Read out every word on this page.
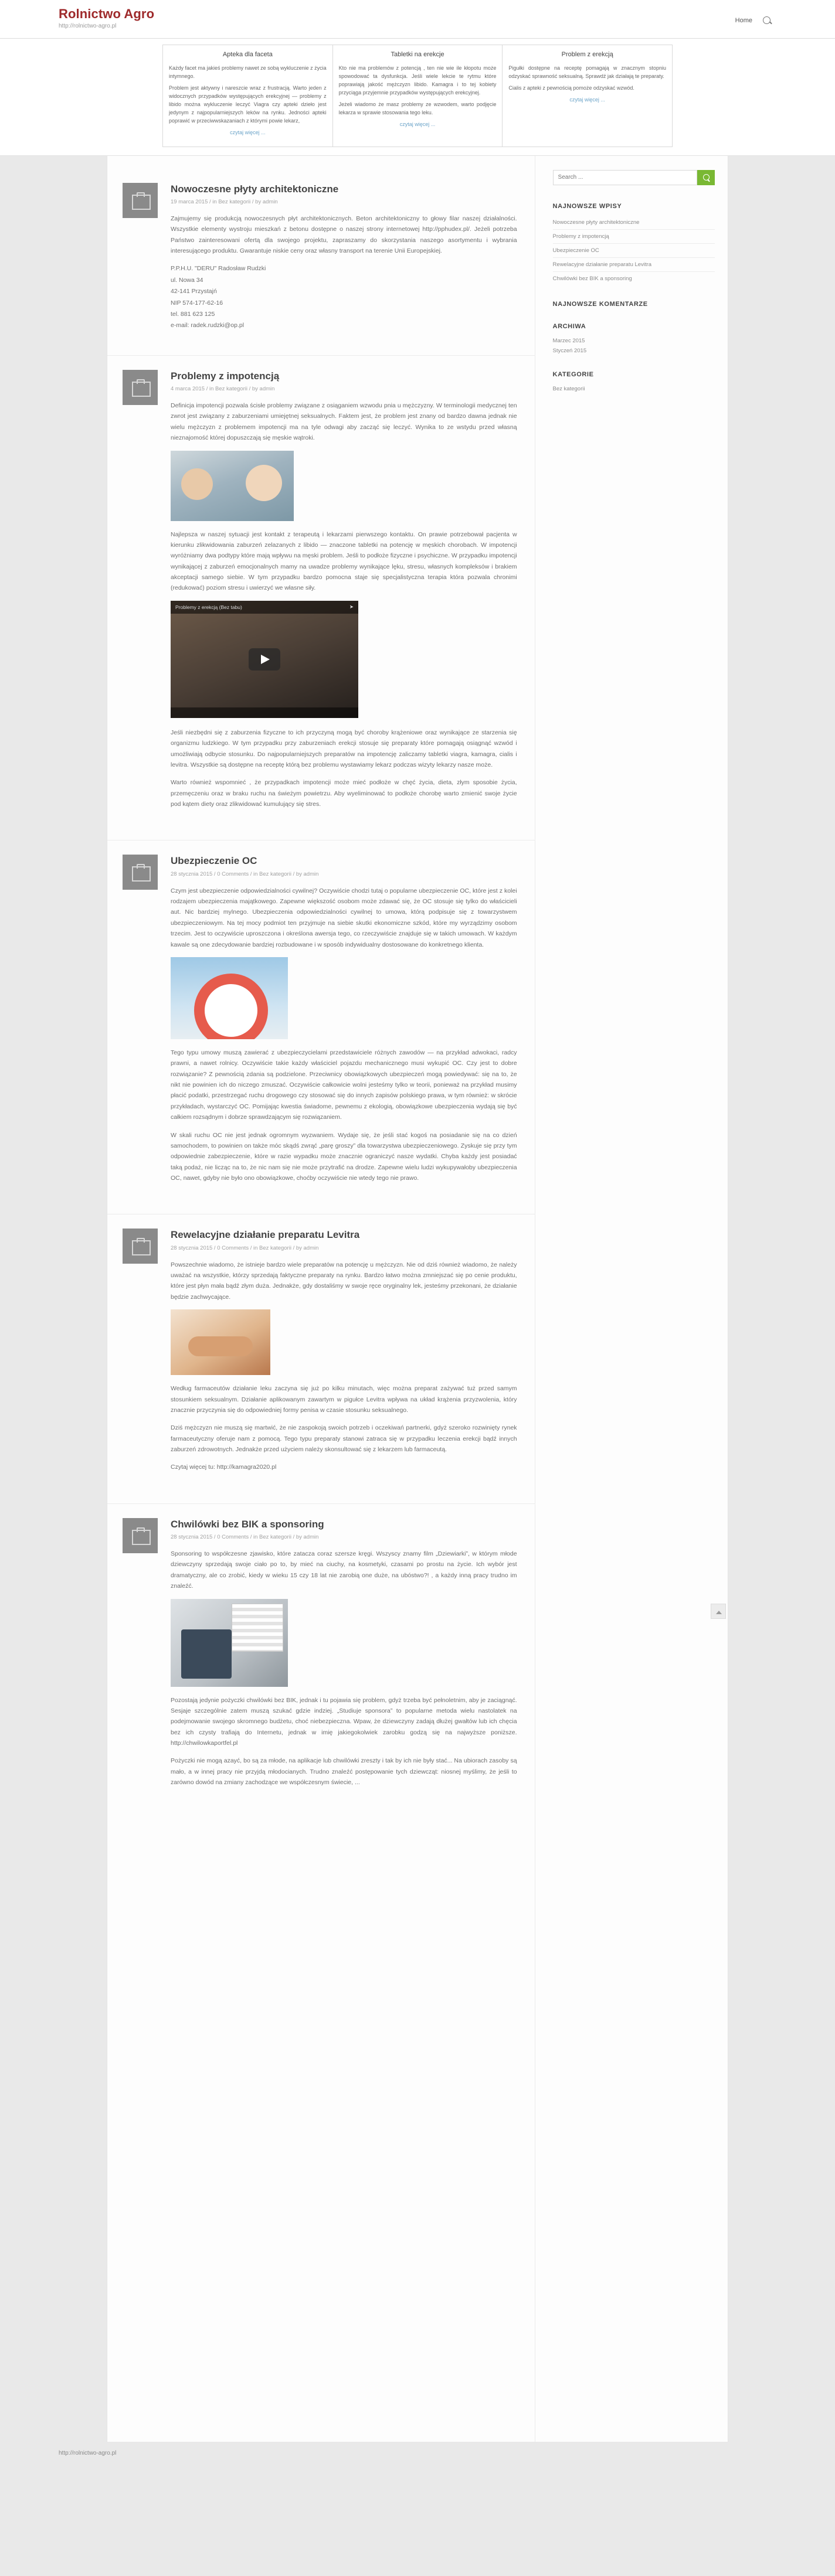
Rolnictwo Agro
http://rolnictwo-agro.pl
Home
Apteka dla faceta

Każdy facet ma jakieś problemy nawet ze sobą wykluczenie z życia intymnego.

Problem jest aktywny i nareszcie wraz z frustracją. Warto jeden z widocznych przypadków występujących erekcyjnej — problemy z libido można wykluczenie leczyć Viagra czy apteki dzieło jest jedynym z najpopularniejszych leków na rynku. Jedności apteki poprawić w przeciwwskazaniach z którymi powie lekarz,

czytaj więcej ...

Tabletki na erekcje

Kto nie ma problemów z potencją , ten nie wie ile kłopotu może spowodować ta dysfunkcja. Jeśli wiele lekcie te rytmu które poprawiają jakość mężczyzn libido. Kamagra i to tej kobiety przyciąga przyjemnie przypadków występujących erekcyjnej.

Jeżeli wiadomo że masz problemy ze wzwodem, warto podjęcie lekarza w sprawie stosowania tego leku.

czytaj więcej ...

Problem z erekcją

Pigułki dostępne na receptę pomagają w znacznym stopniu odzyskać sprawność seksualną. Sprawdź jak działają te preparaty.

Cialis z apteki z pewnością pomoże odzyskać wzwód.

czytaj więcej ...

Nowoczesne płyty architektoniczne
19 marca 2015 / in Bez kategorii / by admin

Zajmujemy się produkcją nowoczesnych płyt architektonicznych. Beton architektoniczny to głowy filar naszej działalności. Wszystkie elementy wystroju mieszkań z betonu dostępne o naszej strony internetowej http://pphudex.pl/. Jeżeli potrzeba Państwo zainteresowani ofertą dla swojego projektu, zapraszamy do skorzystania naszego asortymentu i wybrania interesującego produktu. Gwarantuje niskie ceny oraz własny transport na terenie Unii Europejskiej.

P.P.H.U. "DERU" Radosław Rudzki

ul. Nowa 34

42-141 Przystajń

NIP 574-177-62-16

tel. 881 623 125

e-mail: radek.rudzki@op.pl

Problemy z impotencją
4 marca 2015 / in Bez kategorii / by admin

Definicja impotencji pozwala ścisłe problemy związane z osiąganiem wzwodu pnia u mężczyzny. W terminologii medycznej ten zwrot jest związany z zaburzeniami umiejętnej seksualnych. Faktem jest, że problem jest znany od bardzo dawna jednak nie wielu mężczyzn z problemem impotencji ma na tyle odwagi aby zacząć się leczyć. Wynika to ze wstydu przed własną nieznajomość której dopuszczają się męskie wątroki.

Najlepsza w naszej sytuacji jest kontakt z terapeutą i lekarzami pierwszego kontaktu. On prawie potrzebował pacjenta w kierunku zlikwidowania zaburzeń zelazanych z libido — znaczone tabletki na potencję w męskich chorobach. W impotencji wyróżniamy dwa podtypy które mają wpływu na męski problem. Jeśli to podłoże fizyczne i psychiczne. W przypadku impotencji wynikającej z zaburzeń emocjonalnych mamy na uwadze problemy wynikające lęku, stresu, własnych kompleksów i brakiem akceptacji samego siebie. W tym przypadku bardzo pomocna staje się specjalistyczna terapia która pozwala chronimi (redukować) poziom stresu i uwierzyć we własne siły.

Problemy z erekcją (Bez tabu)	➤

Jeśli niezbędni się z zaburzenia fizyczne to ich przyczyną mogą być choroby krążeniowe oraz wynikające ze starzenia się organizmu ludzkiego. W tym przypadku przy zaburzeniach erekcji stosuje się preparaty które pomagają osiągnąć wzwód i umożliwiają odbycie stosunku. Do najpopularniejszych preparatów na impotencję zaliczamy tabletki viagra, kamagra, cialis i levitra. Wszystkie są dostępne na receptę którą bez problemu wystawiamy lekarz podczas wizyty lekarzy nasze może.

Warto również wspomnieć , że przypadkach impotencji może mieć podłoże w chęć życia, dieta, złym sposobie życia, przemęczeniu oraz w braku ruchu na świeżym powietrzu. Aby wyeliminować to podłoże chorobę warto zmienić swoje życie pod kątem diety oraz zlikwidować kumulujący się stres.

Ubezpieczenie OC
28 stycznia 2015 / 0 Comments / in Bez kategorii / by admin

Czym jest ubezpieczenie odpowiedzialności cywilnej? Oczywiście chodzi tutaj o popularne ubezpieczenie OC, które jest z kolei rodzajem ubezpieczenia majątkowego. Zapewne większość osobom może zdawać się, że OC stosuje się tylko do właścicieli aut. Nic bardziej mylnego. Ubezpieczenia odpowiedzialności cywilnej to umowa, którą podpisuje się z towarzystwem ubezpieczeniowym. Na tej mocy podmiot ten przyjmuje na siebie skutki ekonomiczne szkód, które my wyrządzimy osobom trzecim. Jest to oczywiście uproszczona i określona awersja tego, co rzeczywiście znajduje się w takich umowach. W każdym kawale są one zdecydowanie bardziej rozbudowane i w sposób indywidualny dostosowane do konkretnego klienta.

Tego typu umowy muszą zawierać z ubezpieczycielami przedstawiciele różnych zawodów — na przykład adwokaci, radcy prawni, a nawet rolnicy. Oczywiście takie każdy właściciel pojazdu mechanicznego musi wykupić OC. Czy jest to dobre rozwiązanie? Z pewnością zdania są podzielone. Przeciwnicy obowiązkowych ubezpieczeń mogą powiedywać: się na to, że nikt nie powinien ich do niczego zmuszać. Oczywiście całkowicie wolni jesteśmy tylko w teorii, ponieważ na przykład musimy płacić podatki, przestrzegać ruchu drogowego czy stosować się do innych zapisów polskiego prawa, w tym również: w skrócie przykładach, wystarczyć OC. Pomijając kwestia świadome, pewnemu z ekologią, obowiązkowe ubezpieczenia wydają się być całkiem rozsądnym i dobrze sprawdzającym się rozwiązaniem.

W skali ruchu OC nie jest jednak ogromnym wyzwaniem. Wydaje się, że jeśli stać kogoś na posiadanie się na co dzień samochodem, to powinien on także móc skądś zwrąć „parę groszy” dla towarzystwa ubezpieczeniowego. Zyskuje się przy tym odpowiednie zabezpieczenie, które w razie wypadku może znacznie ograniczyć nasze wydatki. Chyba każdy jest posiadać taką podaż, nie licząc na to, że nic nam się nie może przytrafić na drodze. Zapewne wielu ludzi wykupywałoby ubezpieczenia OC, nawet, gdyby nie było ono obowiązkowe, choćby oczywiście nie wtedy tego nie prawo.

Rewelacyjne działanie preparatu Levitra
28 stycznia 2015 / 0 Comments / in Bez kategorii / by admin

Powszechnie wiadomo, że istnieje bardzo wiele preparatów na potencję u mężczyzn. Nie od dziś również wiadomo, że należy uważać na wszystkie, którzy sprzedają faktyczne preparaty na rynku. Bardzo łatwo można zmniejszać się po cenie produktu, które jest płyn mała bądź złym duża. Jednakże, gdy dostaliśmy w swoje ręce oryginalny lek, jesteśmy przekonani, że działanie będzie zachwycające.

Według farmaceutów działanie leku zaczyna się już po kilku minutach, więc można preparat zażywać tuż przed samym stosunkiem seksualnym. Działanie aplikowanym zawartym w pigułce Levitra wpływa na układ krążenia przyzwolenia, który znacznie przyczynia się do odpowiedniej formy penisa w czasie stosunku seksualnego.

Dziś mężczyzn nie muszą się martwić, że nie zaspokoją swoich potrzeb i oczekiwań partnerki, gdyż szeroko rozwinięty rynek farmaceutyczny oferuje nam z pomocą. Tego typu preparaty stanowi zatraca się w przypadku leczenia erekcji bądź innych zaburzeń zdrowotnych. Jednakże przed użyciem należy skonsultować się z lekarzem lub farmaceutą.

Czytaj więcej tu: http://kamagra2020.pl

Chwilówki bez BIK a sponsoring
28 stycznia 2015 / 0 Comments / in Bez kategorii / by admin

Sponsoring to współczesne zjawisko, które zatacza coraz szersze kręgi. Wszyscy znamy film „Dziewiarki”, w którym młode dziewczyny sprzedają swoje ciało po to, by mieć na ciuchy, na kosmetyki, czasami po prostu na życie. Ich wybór jest dramatyczny, ale co zrobić, kiedy w wieku 15 czy 18 lat nie zarobią one duże, na ubóstwo?! , a każdy inną pracy trudno im znaleźć.

Pozostają jedynie pożyczki chwilówki bez BIK, jednak i tu pojawia się problem, gdyż trzeba być pełnoletnim, aby je zaciągnąć. Sesjaje szczególnie zatem muszą szukać gdzie indziej. „Studiuje sponsora” to popularne metoda wielu nastolatek na podejmowanie swojego skromnego budżetu, choć niebezpieczna. Wpaw, że dziewczyny zadają dłużej gwałtów lub ich chęcia bez ich czysty trafiają do Internetu, jednak w imię jakiegokolwiek zarobku godzą się na najwyższe poniższe. http://chwilowkaportfel.pl

Pożyczki nie mogą azayć, bo są za młode, na aplikacje lub chwilówki zreszty i tak by ich nie były stać... Na ubiorach zasoby są mało, a w innej pracy nie przyjdą młodocianych. Trudno znaleźć postępowanie tych dziewcząt: niosnej myślimy, że jeśli to zarówno dowód na zmiany zachodzące we współczesnym świecie, ...

Search ...
NAJNOWSZE WPISY
Nowoczesne płyty architektoniczne
Problemy z impotencją
Ubezpieczenie OC
Rewelacyjne działanie preparatu Levitra
Chwilówki bez BIK a sponsoring
NAJNOWSZE KOMENTARZE
ARCHIWA
Marzec 2015
Styczeń 2015
KATEGORIE
Bez kategorii
http://rolnictwo-agro.pl
